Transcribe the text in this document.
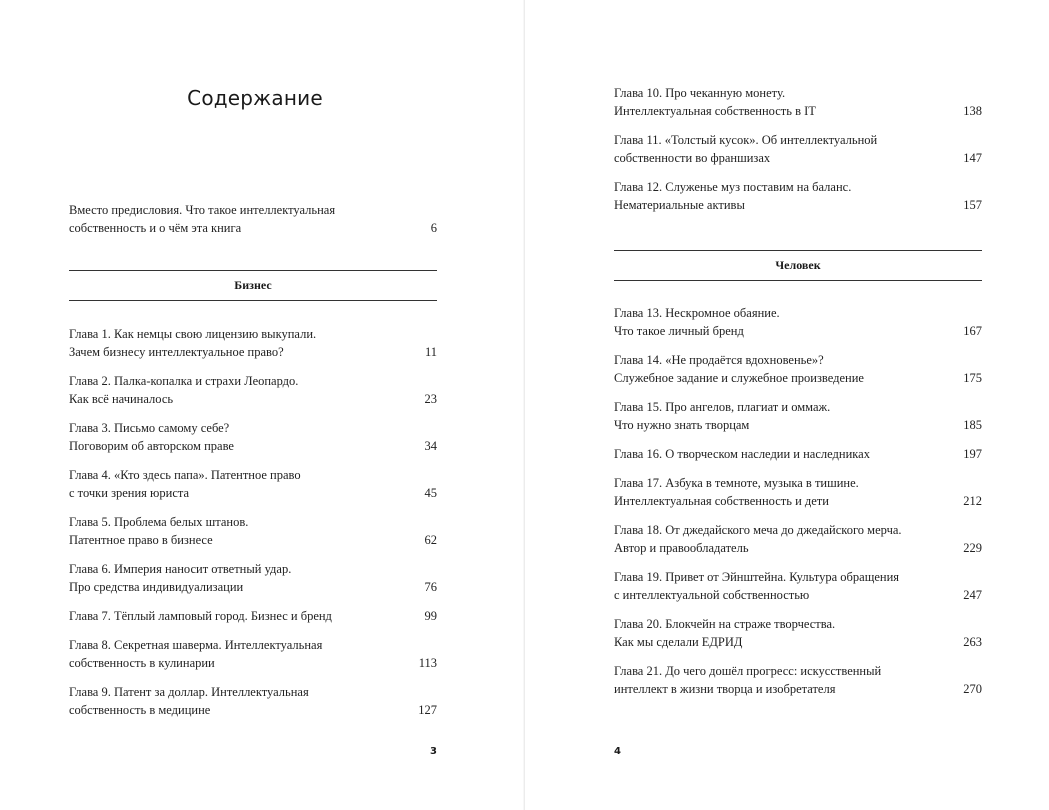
Содержание
Вместо предисловия. Что такое интеллектуальная
собственность и о чём эта книга	6
Бизнес
Глава 1. Как немцы свою лицензию выкупали.
Зачем бизнесу интеллектуальное право?	11
Глава 2. Палка-копалка и страхи Леопардо.
Как всё начиналось	23
Глава 3. Письмо самому себе?
Поговорим об авторском праве	34
Глава 4. «Кто здесь папа». Патентное право
с точки зрения юриста	45
Глава 5. Проблема белых штанов.
Патентное право в бизнесе	62
Глава 6. Империя наносит ответный удар.
Про средства индивидуализации	76
Глава 7. Тёплый ламповый город. Бизнес и бренд	99
Глава 8. Секретная шаверма. Интеллектуальная
собственность в кулинарии	113
Глава 9. Патент за доллар. Интеллектуальная
собственность в медицине	127
3
Глава 10. Про чеканную монету.
Интеллектуальная собственность в IT	138
Глава 11. «Толстый кусок». Об интеллектуальной
собственности во франшизах	147
Глава 12. Служенье муз поставим на баланс.
Нематериальные активы	157
Человек
Глава 13. Нескромное обаяние.
Что такое личный бренд	167
Глава 14. «Не продаётся вдохновенье»?
Служебное задание и служебное произведение	175
Глава 15. Про ангелов, плагиат и оммаж.
Что нужно знать творцам	185
Глава 16. О творческом наследии и наследниках	197
Глава 17. Азбука в темноте, музыка в тишине.
Интеллектуальная собственность и дети	212
Глава 18. От джедайского меча до джедайского мерча.
Автор и правообладатель	229
Глава 19. Привет от Эйнштейна. Культура обращения
с интеллектуальной собственностью	247
Глава 20. Блокчейн на страже творчества.
Как мы сделали ЕДРИД	263
Глава 21. До чего дошёл прогресс: искусственный
интеллект в жизни творца и изобретателя	270
4
